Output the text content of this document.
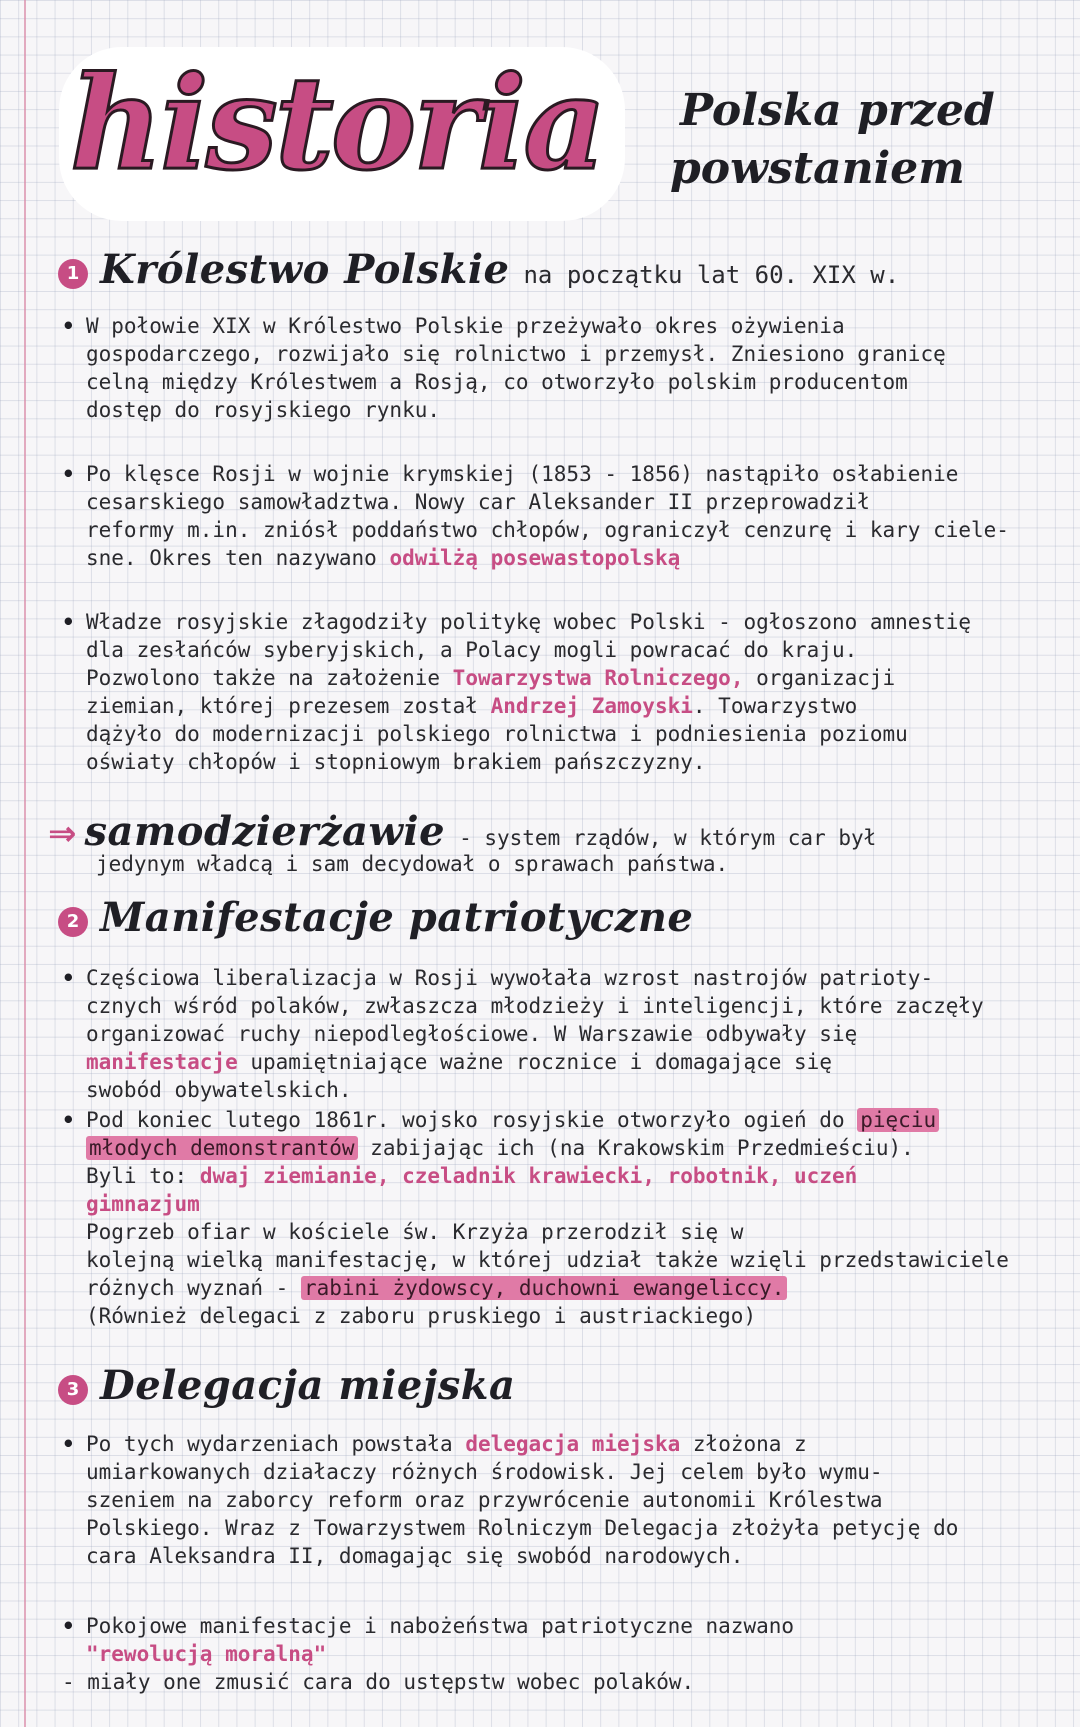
historia	Polska przed
powstaniem
1 Królestwo Polskie na początku lat 60. XIX w.
• W połowie XIX w Królestwo Polskie przeżywało okres ożywienia
gospodarczego, rozwijało się rolnictwo i przemysł. Zniesiono granicę
celną między Królestwem a Rosją, co otworzyło polskim producentom
dostęp do rosyjskiego rynku.
• Po klęsce Rosji w wojnie krymskiej (1853 - 1856) nastąpiło osłabienie
cesarskiego samowładztwa. Nowy car Aleksander II przeprowadził
reformy m.in. zniósł poddaństwo chłopów, ograniczył cenzurę i kary ciele-
sne. Okres ten nazywano odwilżą posewastopolską
• Władze rosyjskie złagodziły politykę wobec Polski - ogłoszono amnestię
dla zesłańców syberyjskich, a Polacy mogli powracać do kraju.
Pozwolono także na założenie Towarzystwa Rolniczego, organizacji
ziemian, której prezesem został Andrzej Zamoyski. Towarzystwo
dążyło do modernizacji polskiego rolnictwa i podniesienia poziomu
oświaty chłopów i stopniowym brakiem pańszczyzny.
⇒ samodzierżawie - system rządów, w którym car był
jedynym władcą i sam decydował o sprawach państwa.
2 Manifestacje patriotyczne
• Częściowa liberalizacja w Rosji wywołała wzrost nastrojów patrioty-
cznych wśród polaków, zwłaszcza młodzieży i inteligencji, które zaczęły
organizować ruchy niepodległościowe. W Warszawie odbywały się
manifestacje upamiętniające ważne rocznice i domagające się
swobód obywatelskich.
• Pod koniec lutego 1861r. wojsko rosyjskie otworzyło ogień do pięciu
młodych demonstrantów zabijając ich (na Krakowskim Przedmieściu).
Byli to: dwaj ziemianie, czeladnik krawiecki, robotnik, uczeń
gimnazjum
Pogrzeb ofiar w kościele św. Krzyża przerodził się w
kolejną wielką manifestację, w której udział także wzięli przedstawiciele
różnych wyznań - rabini żydowscy, duchowni ewangeliccy.
(Również delegaci z zaboru pruskiego i austriackiego)
3 Delegacja miejska
• Po tych wydarzeniach powstała delegacja miejska złożona z
umiarkowanych działaczy różnych środowisk. Jej celem było wymu-
szeniem na zaborcy reform oraz przywrócenie autonomii Królestwa
Polskiego. Wraz z Towarzystwem Rolniczym Delegacja złożyła petycję do
cara Aleksandra II, domagając się swobód narodowych.
• Pokojowe manifestacje i nabożeństwa patriotyczne nazwano
"rewolucją moralną"
- miały one zmusić cara do ustępstw wobec polaków.
